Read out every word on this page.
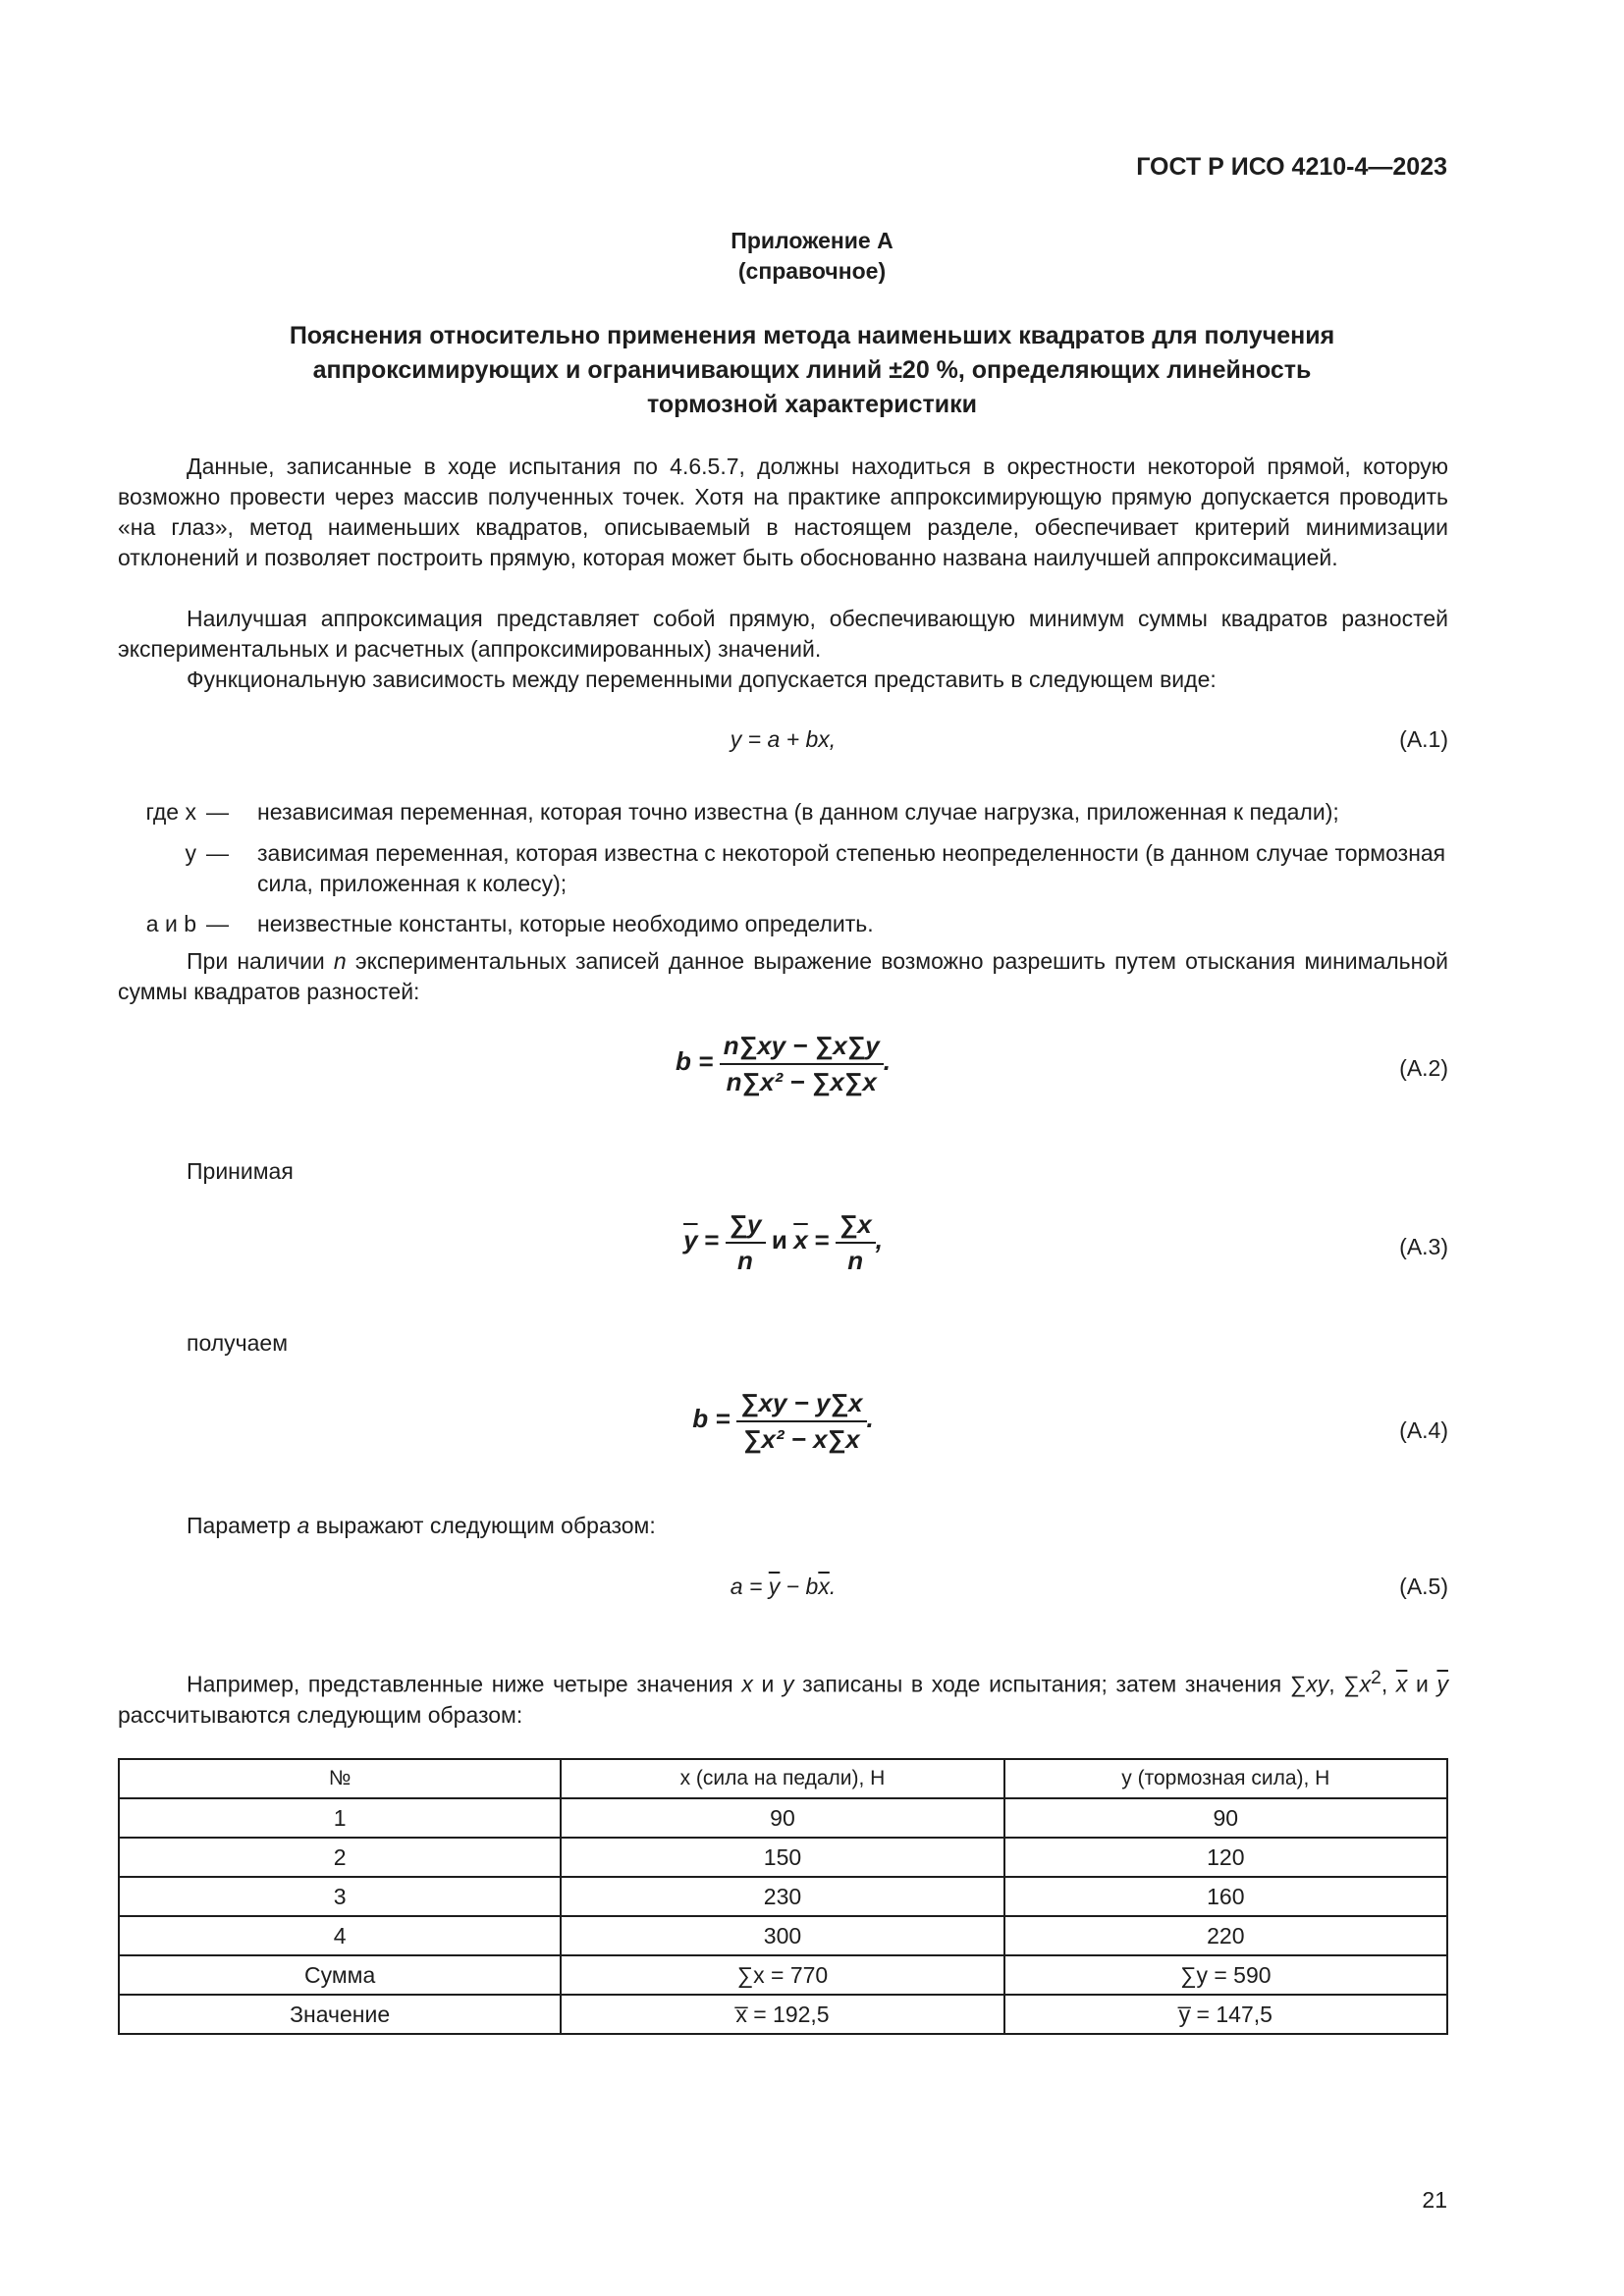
ГОСТ Р ИСО 4210-4—2023
Приложение А
(справочное)
Пояснения относительно применения метода наименьших квадратов для получения
аппроксимирующих и ограничивающих линий ±20 %, определяющих линейность
тормозной характеристики

Данные, записанные в ходе испытания по 4.6.5.7, должны находиться в окрестности некоторой прямой, которую возможно провести через массив полученных точек. Хотя на практике аппроксимирующую прямую допускается проводить «на глаз», метод наименьших квадратов, описываемый в настоящем разделе, обеспечивает критерий минимизации отклонений и позволяет построить прямую, которая может быть обоснованно названа наилучшей аппроксимацией.

Наилучшая аппроксимация представляет собой прямую, обеспечивающую минимум суммы квадратов разностей экспериментальных и расчетных (аппроксимированных) значений.

Функциональную зависимость между переменными допускается представить в следующем виде:

y = a + bx,	(A.1)
где x — независимая переменная, которая точно известна (в данном случае нагрузка, приложенная к педали);
y — зависимая переменная, которая известна с некоторой степенью неопределенности (в данном случае тормозная сила, приложенная к колесу);
a и b — неизвестные константы, которые необходимо определить.

При наличии n экспериментальных записей данное выражение возможно разрешить путем отыскания минимальной суммы квадратов разностей:

$b = \frac{n\sum xy - \sum x\sum y}{\text{n∑x² − ∑x∑x}}$ .	(A.2)

Принимая

$\overline{y} = \frac{\sum y}{n}$ и $\overline{x} = \frac{\sum x}{n}$ ,	(A.3)

получаем

$b = \frac{\sum xy - y\sum x}{\text{∑x² − x∑x}}$ .	(A.4)

Параметр a выражают следующим образом:

$a = \overline{y} - b\overline{x}$.	(A.5)

Например, представленные ниже четыре значения x и y записаны в ходе испытания; затем значения ∑xy, $\sum x^2$, $\overline{x}$ и $\overline{y}$ рассчитываются следующим образом:

№	x (сила на педали), Н	y (тормозная сила), Н
1	90	90
2	150	120
3	230	160
4	300	220
Сумма	∑x = 770	∑y = 590
Значение	x̅ = 192,5	y̅ = 147,5
21
